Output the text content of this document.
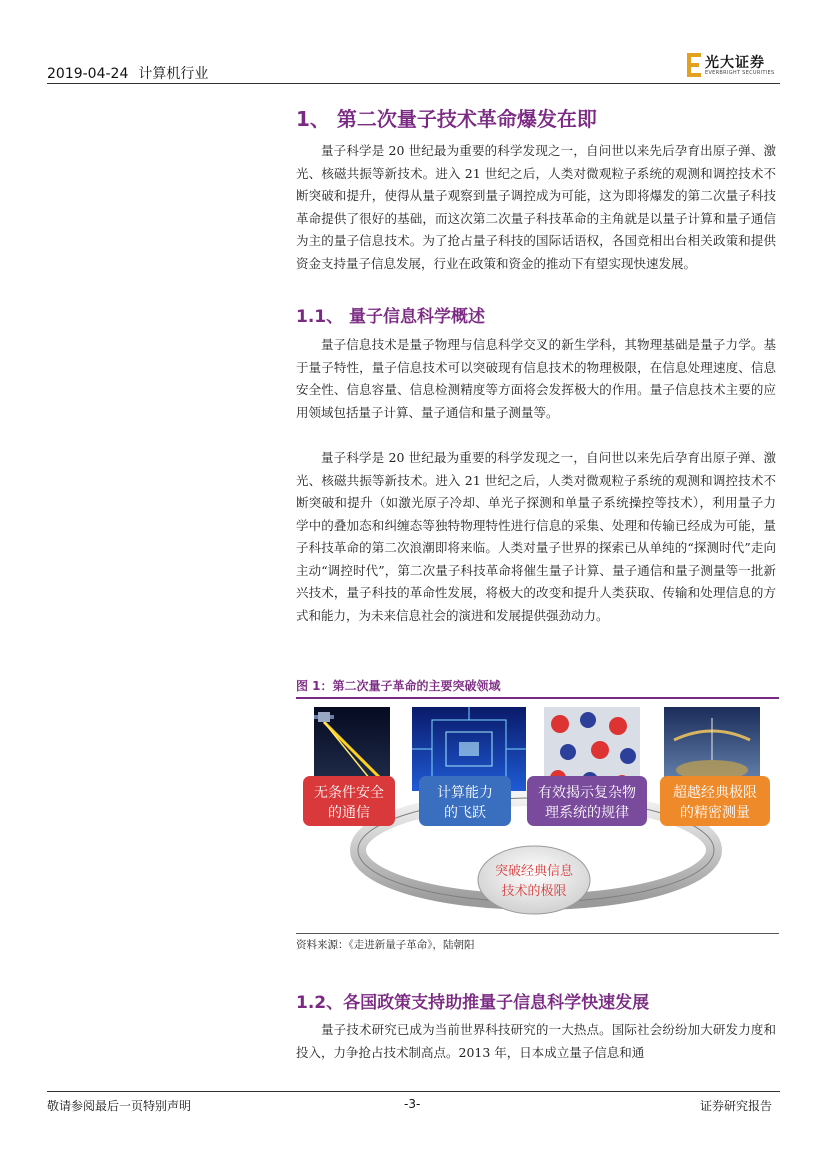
2019-04-24 计算机行业
光大证券
EVERBRIGHT SECURITIES
1、 第二次量子技术革命爆发在即

量子科学是 20 世纪最为重要的科学发现之一，自问世以来先后孕育出原子弹、激光、核磁共振等新技术。进入 21 世纪之后，人类对微观粒子系统的观测和调控技术不断突破和提升，使得从量子观察到量子调控成为可能，这为即将爆发的第二次量子科技革命提供了很好的基础，而这次第二次量子科技革命的主角就是以量子计算和量子通信为主的量子信息技术。为了抢占量子科技的国际话语权，各国竞相出台相关政策和提供资金支持量子信息发展，行业在政策和资金的推动下有望实现快速发展。

1.1、 量子信息科学概述

量子信息技术是量子物理与信息科学交叉的新生学科，其物理基础是量子力学。基于量子特性，量子信息技术可以突破现有信息技术的物理极限，在信息处理速度、信息安全性、信息容量、信息检测精度等方面将会发挥极大的作用。量子信息技术主要的应用领域包括量子计算、量子通信和量子测量等。

量子科学是 20 世纪最为重要的科学发现之一，自问世以来先后孕育出原子弹、激光、核磁共振等新技术。进入 21 世纪之后，人类对微观粒子系统的观测和调控技术不断突破和提升（如激光原子冷却、单光子探测和单量子系统操控等技术），利用量子力学中的叠加态和纠缠态等独特物理特性进行信息的采集、处理和传输已经成为可能，量子科技革命的第二次浪潮即将来临。人类对量子世界的探索已从单纯的“探测时代”走向主动“调控时代”，第二次量子科技革命将催生量子计算、量子通信和量子测量等一批新兴技术，量子科技的革命性发展，将极大的改变和提升人类获取、传输和处理信息的方式和能力，为未来信息社会的演进和发展提供强劲动力。

图 1：第二次量子革命的主要突破领域
无条件安全
的通信
计算能力
的飞跃
有效揭示复杂物
理系统的规律
超越经典极限
的精密测量
突破经典信息
技术的极限
资料来源：《走进新量子革命》，陆朝阳
1.2、各国政策支持助推量子信息科学快速发展

量子技术研究已成为当前世界科技研究的一大热点。国际社会纷纷加大研发力度和投入，力争抢占技术制高点。2013 年，日本成立量子信息和通

敬请参阅最后一页特别声明	-3-	证券研究报告
